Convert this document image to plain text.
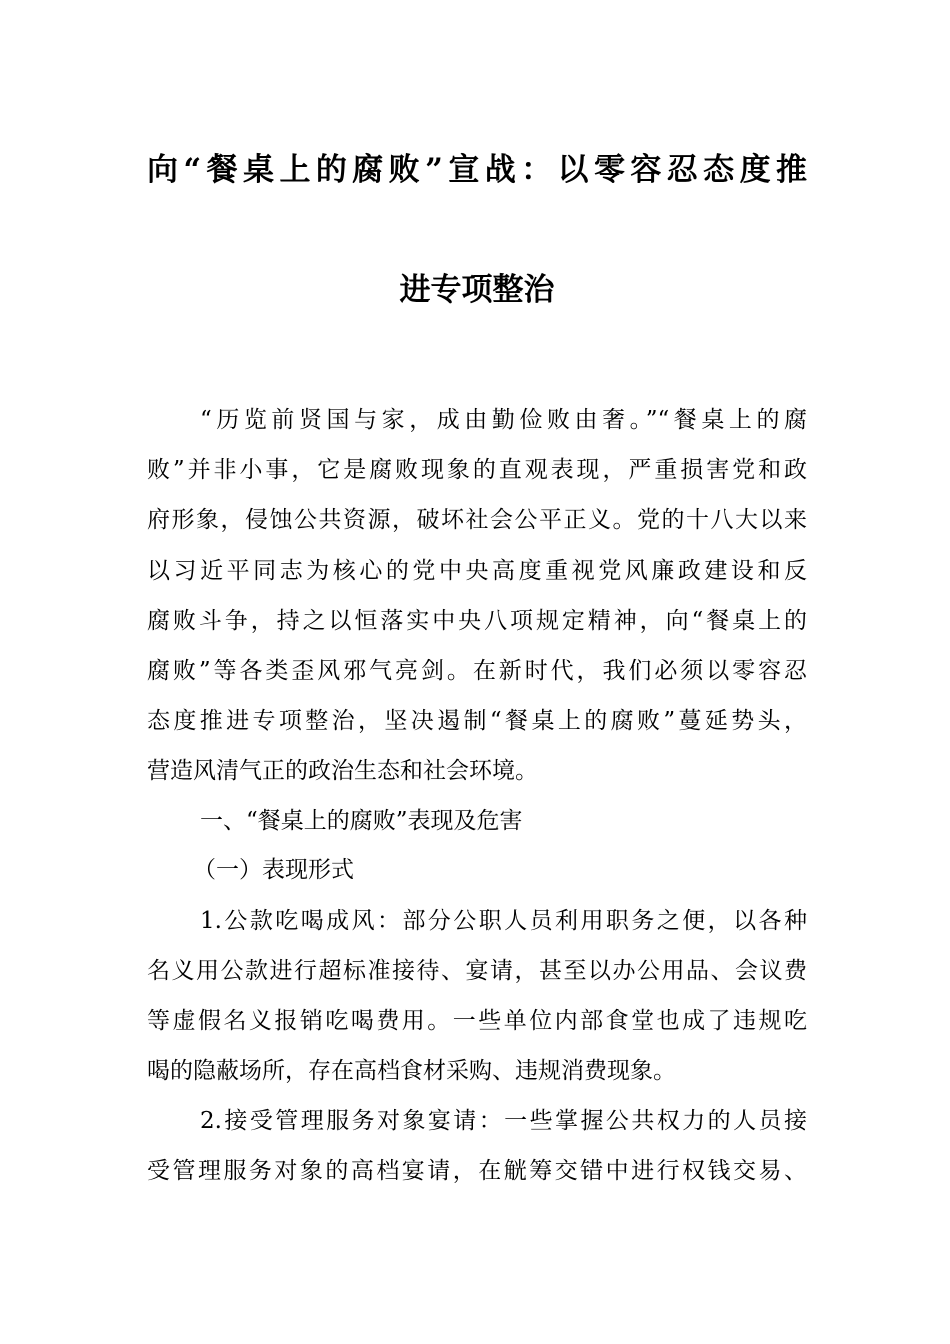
向“餐桌上的腐败”宣战：以零容忍态度推
进专项整治
“历览前贤国与家，成由勤俭败由奢。”“餐桌上的腐
败”并非小事，它是腐败现象的直观表现，严重损害党和政
府形象，侵蚀公共资源，破坏社会公平正义。党的十八大以来
以习近平同志为核心的党中央高度重视党风廉政建设和反
腐败斗争，持之以恒落实中央八项规定精神，向“餐桌上的
腐败”等各类歪风邪气亮剑。在新时代，我们必须以零容忍
态度推进专项整治，坚决遏制“餐桌上的腐败”蔓延势头，
营造风清气正的政治生态和社会环境。
一、“餐桌上的腐败”表现及危害
（一）表现形式
1.公款吃喝成风：部分公职人员利用职务之便，以各种
名义用公款进行超标准接待、宴请，甚至以办公用品、会议费
等虚假名义报销吃喝费用。一些单位内部食堂也成了违规吃
喝的隐蔽场所，存在高档食材采购、违规消费现象。
2.接受管理服务对象宴请：一些掌握公共权力的人员接
受管理服务对象的高档宴请，在觥筹交错中进行权钱交易、
